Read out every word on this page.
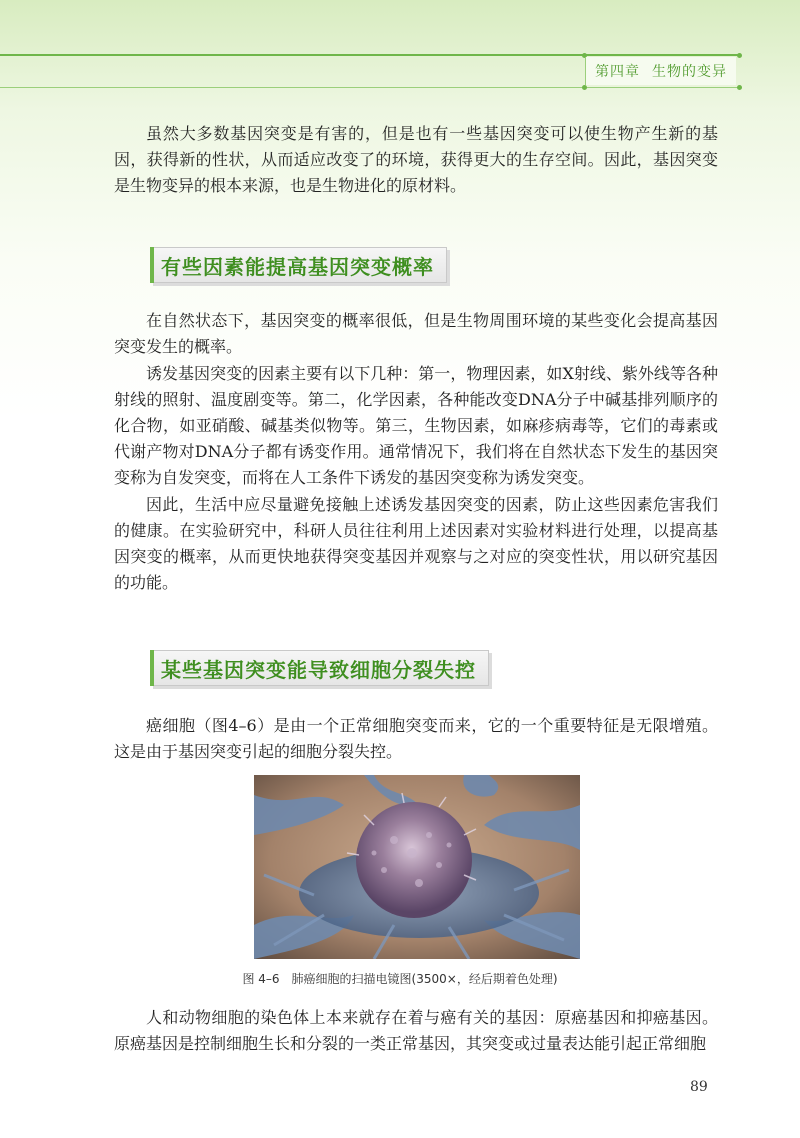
第四章 生物的变异

虽然大多数基因突变是有害的，但是也有一些基因突变可以使生物产生新的基因，获得新的性状，从而适应改变了的环境，获得更大的生存空间。因此，基因突变是生物变异的根本来源，也是生物进化的原材料。

有些因素能提高基因突变概率

在自然状态下，基因突变的概率很低，但是生物周围环境的某些变化会提高基因突变发生的概率。

诱发基因突变的因素主要有以下几种：第一，物理因素，如X射线、紫外线等各种射线的照射、温度剧变等。第二，化学因素，各种能改变DNA分子中碱基排列顺序的化合物，如亚硝酸、碱基类似物等。第三，生物因素，如麻疹病毒等，它们的毒素或代谢产物对DNA分子都有诱变作用。通常情况下，我们将在自然状态下发生的基因突变称为自发突变，而将在人工条件下诱发的基因突变称为诱发突变。

因此，生活中应尽量避免接触上述诱发基因突变的因素，防止这些因素危害我们的健康。在实验研究中，科研人员往往利用上述因素对实验材料进行处理，以提高基因突变的概率，从而更快地获得突变基因并观察与之对应的突变性状，用以研究基因的功能。

某些基因突变能导致细胞分裂失控

癌细胞（图4–6）是由一个正常细胞突变而来，它的一个重要特征是无限增殖。这是由于基因突变引起的细胞分裂失控。

图 4–6　肺癌细胞的扫描电镜图(3500×，经后期着色处理)

人和动物细胞的染色体上本来就存在着与癌有关的基因：原癌基因和抑癌基因。原癌基因是控制细胞生长和分裂的一类正常基因，其突变或过量表达能引起正常细胞

89
